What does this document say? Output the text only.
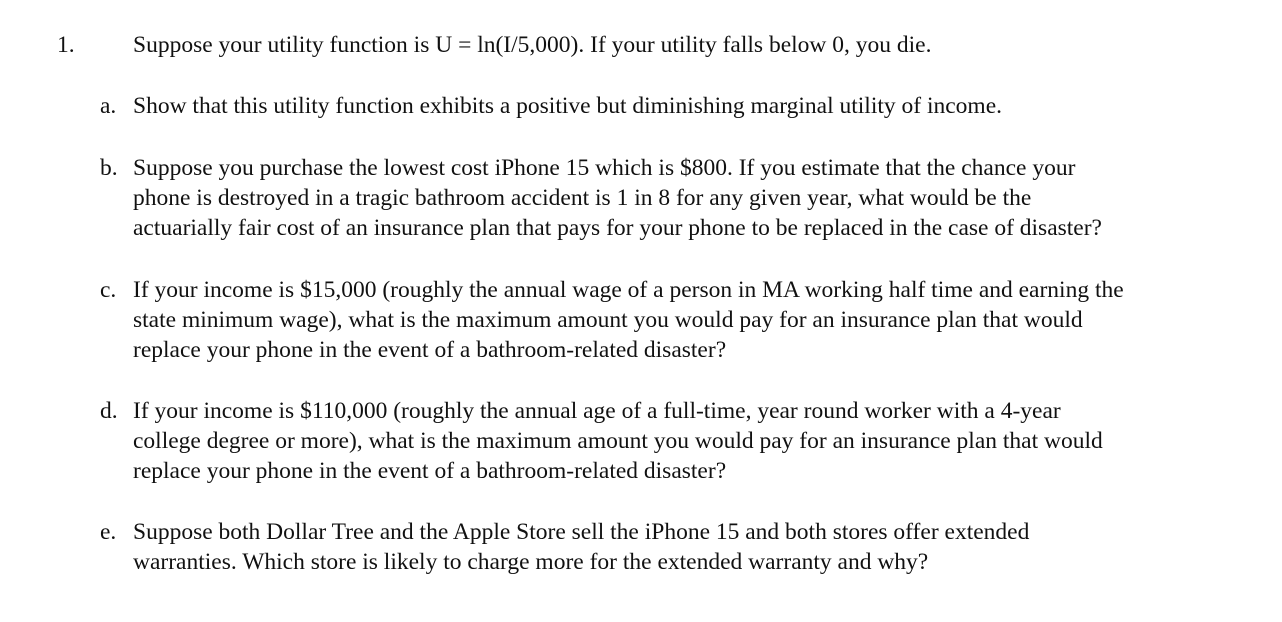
1. Suppose your utility function is U = ln(I/5,000). If your utility falls below 0, you die.

a. Show that this utility function exhibits a positive but diminishing marginal utility of income.
b. Suppose you purchase the lowest cost iPhone 15 which is $800. If you estimate that the chance your
phone is destroyed in a tragic bathroom accident is 1 in 8 for any given year, what would be the
actuarially fair cost of an insurance plan that pays for your phone to be replaced in the case of disaster?
c. If your income is $15,000 (roughly the annual wage of a person in MA working half time and earning the
state minimum wage), what is the maximum amount you would pay for an insurance plan that would
replace your phone in the event of a bathroom-related disaster?
d. If your income is $110,000 (roughly the annual age of a full-time, year round worker with a 4-year
college degree or more), what is the maximum amount you would pay for an insurance plan that would
replace your phone in the event of a bathroom-related disaster?
e. Suppose both Dollar Tree and the Apple Store sell the iPhone 15 and both stores offer extended
warranties. Which store is likely to charge more for the extended warranty and why?
